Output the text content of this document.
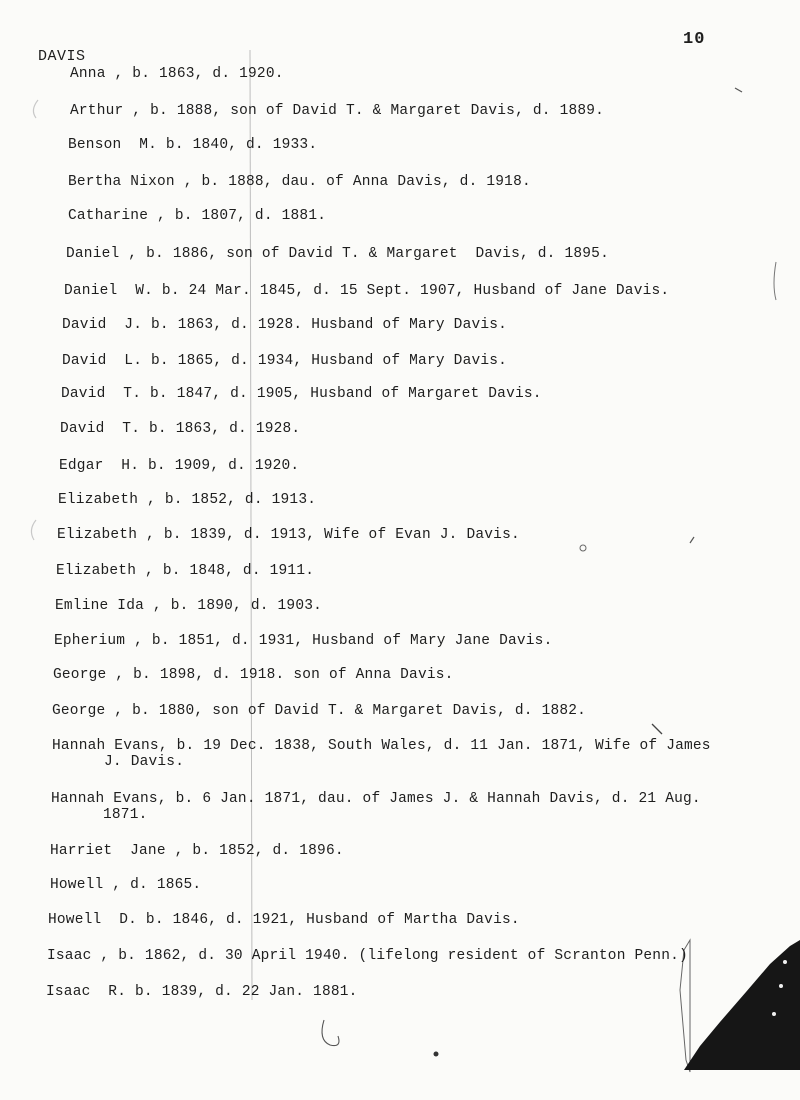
10
DAVIS
Anna , b. 1863, d. 1920.
Arthur , b. 1888, son of David T. & Margaret Davis, d. 1889.
Benson  M. b. 1840, d. 1933.
Bertha Nixon , b. 1888, dau. of Anna Davis, d. 1918.
Catharine , b. 1807, d. 1881.
Daniel , b. 1886, son of David T. & Margaret  Davis, d. 1895.
Daniel  W. b. 24 Mar. 1845, d. 15 Sept. 1907, Husband of Jane Davis.
David  J. b. 1863, d. 1928. Husband of Mary Davis.
David  L. b. 1865, d. 1934, Husband of Mary Davis.
David  T. b. 1847, d. 1905, Husband of Margaret Davis.
David  T. b. 1863, d. 1928.
Edgar  H. b. 1909, d. 1920.
Elizabeth , b. 1852, d. 1913.
Elizabeth , b. 1839, d. 1913, Wife of Evan J. Davis.
Elizabeth , b. 1848, d. 1911.
Emline Ida , b. 1890, d. 1903.
Epherium , b. 1851, d. 1931, Husband of Mary Jane Davis.
George , b. 1898, d. 1918. son of Anna Davis.
George , b. 1880, son of David T. & Margaret Davis, d. 1882.
Hannah Evans, b. 19 Dec. 1838, South Wales, d. 11 Jan. 1871, Wife of James
J. Davis.
Hannah Evans, b. 6 Jan. 1871, dau. of James J. & Hannah Davis, d. 21 Aug.
1871.
Harriet  Jane , b. 1852, d. 1896.
Howell , d. 1865.
Howell  D. b. 1846, d. 1921, Husband of Martha Davis.
Isaac , b. 1862, d. 30 April 1940. (lifelong resident of Scranton Penn.)
Isaac  R. b. 1839, d. 22 Jan. 1881.
